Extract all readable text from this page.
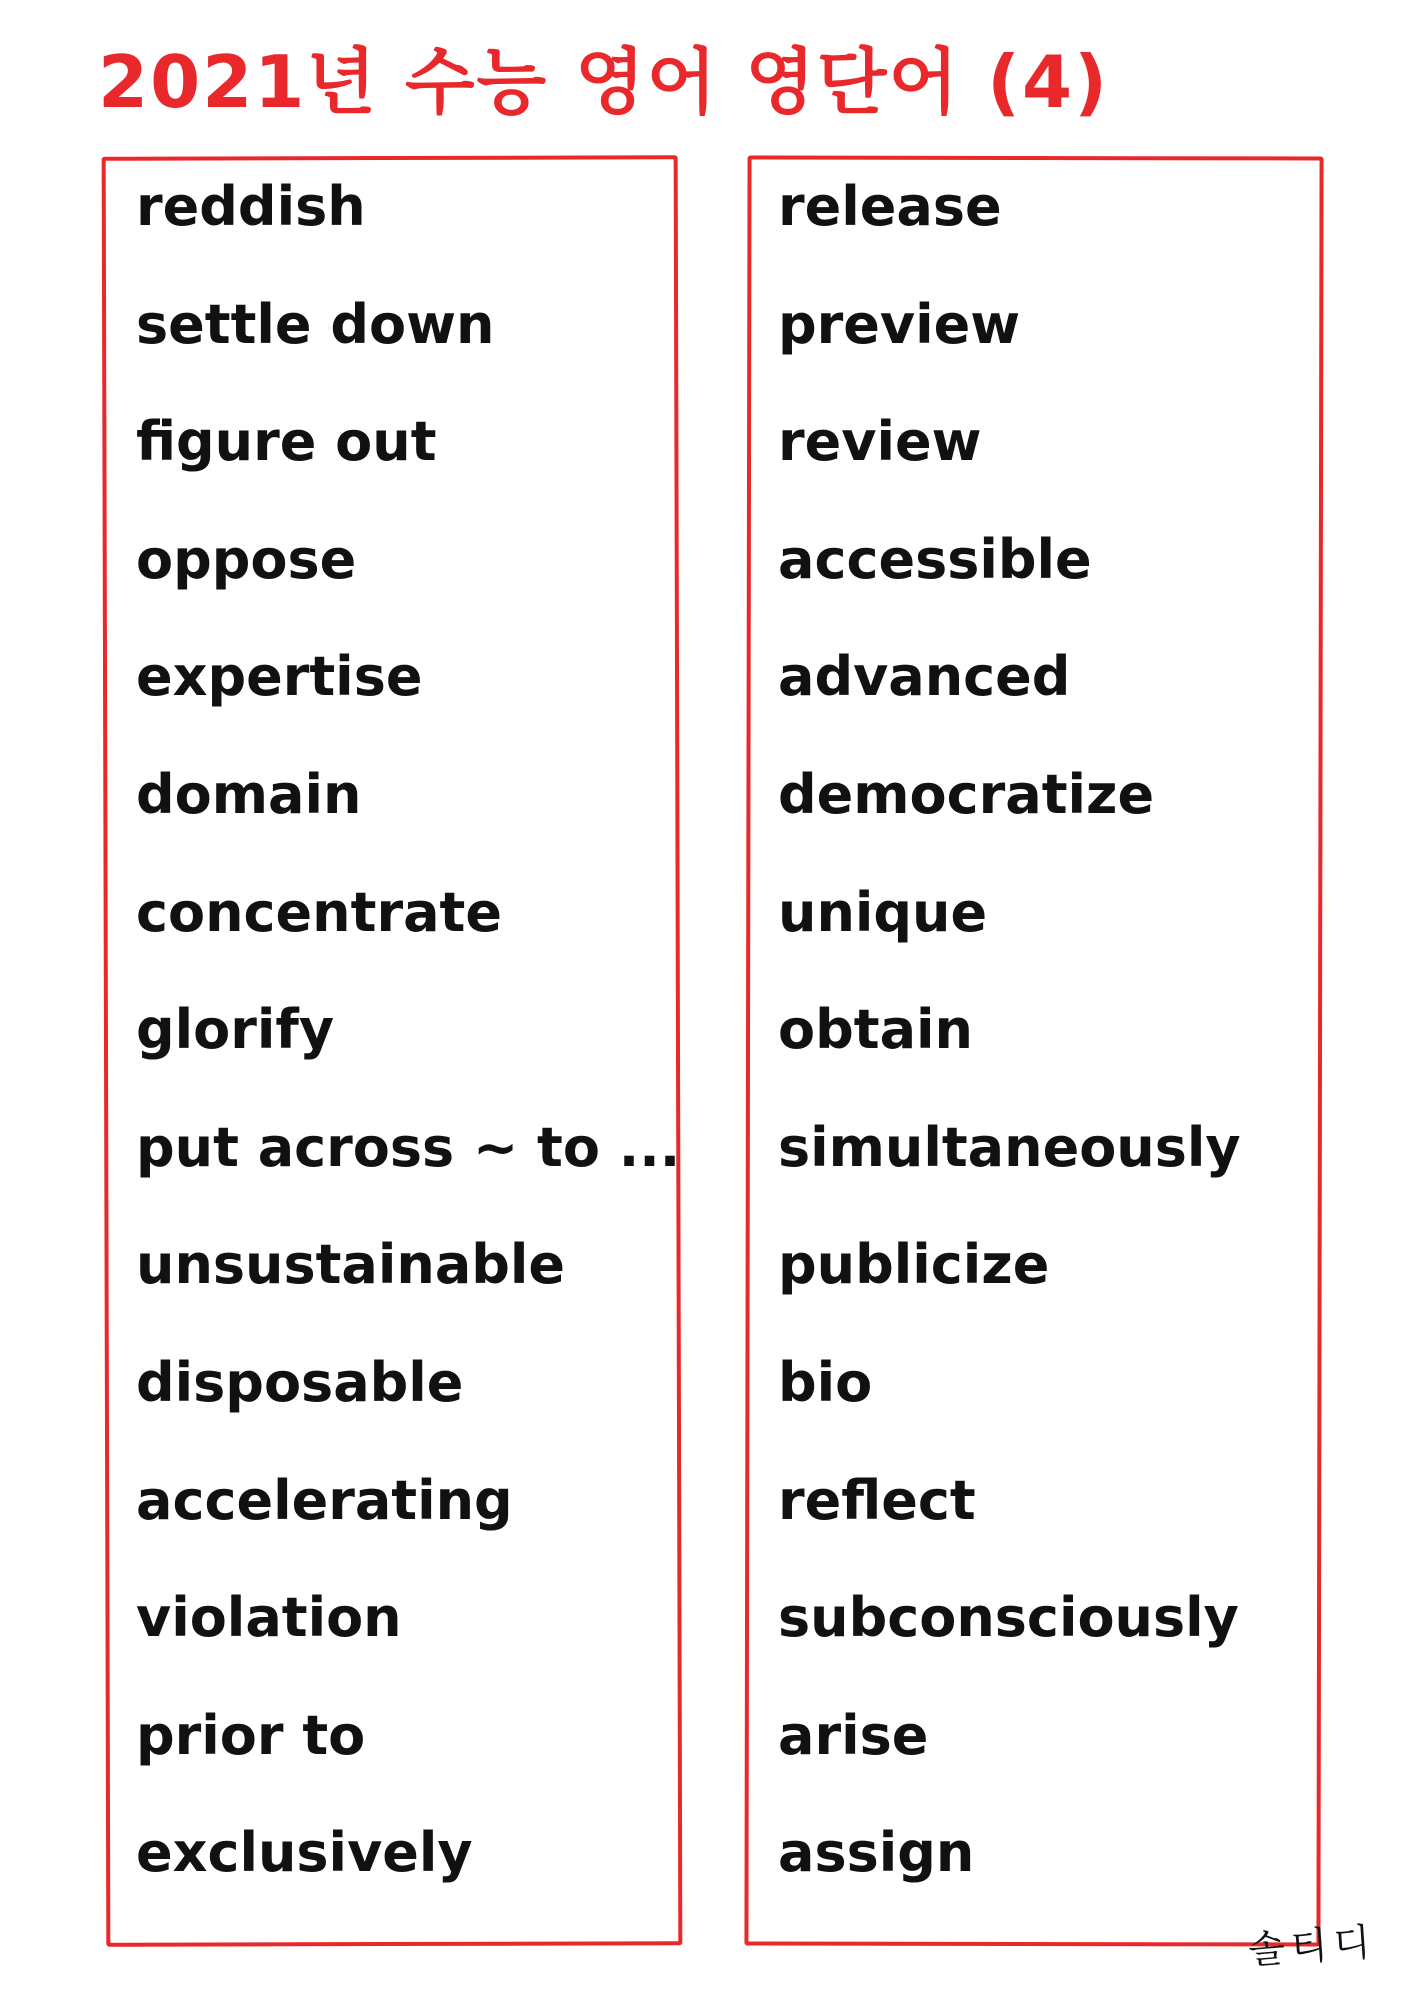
2021년 수능 영어 영단어 (4)
reddish
settle down
figure out
oppose
expertise
domain
concentrate
glorify
put across ~ to ...
unsustainable
disposable
accelerating
violation
prior to
exclusively
release
preview
review
accessible
advanced
democratize
unique
obtain
simultaneously
publicize
bio
reflect
subconsciously
arise
assign
솔티디
